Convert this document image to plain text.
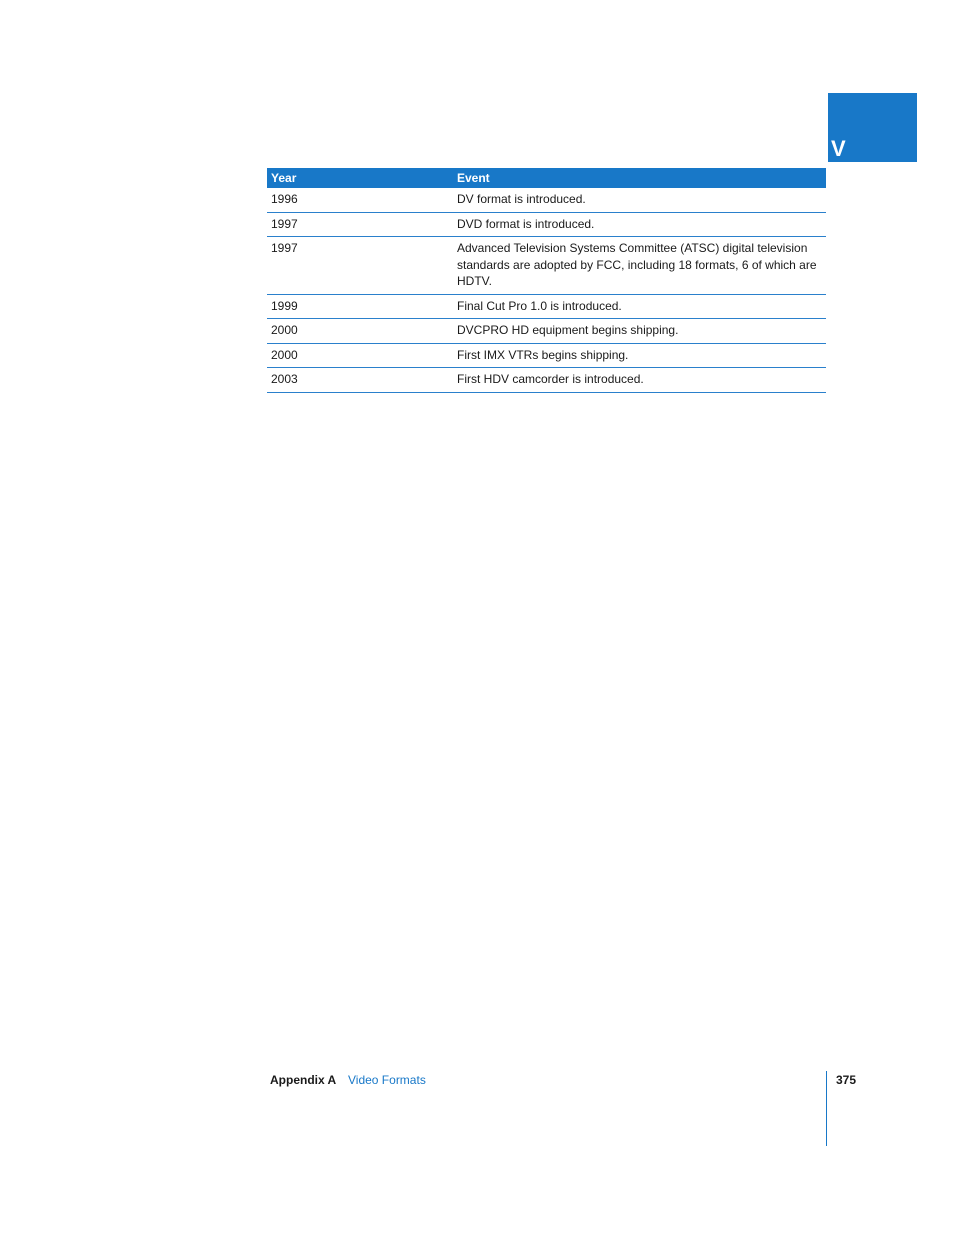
V
Year	Event
1996	DV format is introduced.
1997	DVD format is introduced.
1997	Advanced Television Systems Committee (ATSC) digital television standards are adopted by FCC, including 18 formats, 6 of which are HDTV.
1999	Final Cut Pro 1.0 is introduced.
2000	DVCPRO HD equipment begins shipping.
2000	First IMX VTRs begins shipping.
2003	First HDV camcorder is introduced.
Appendix A Video Formats	375
